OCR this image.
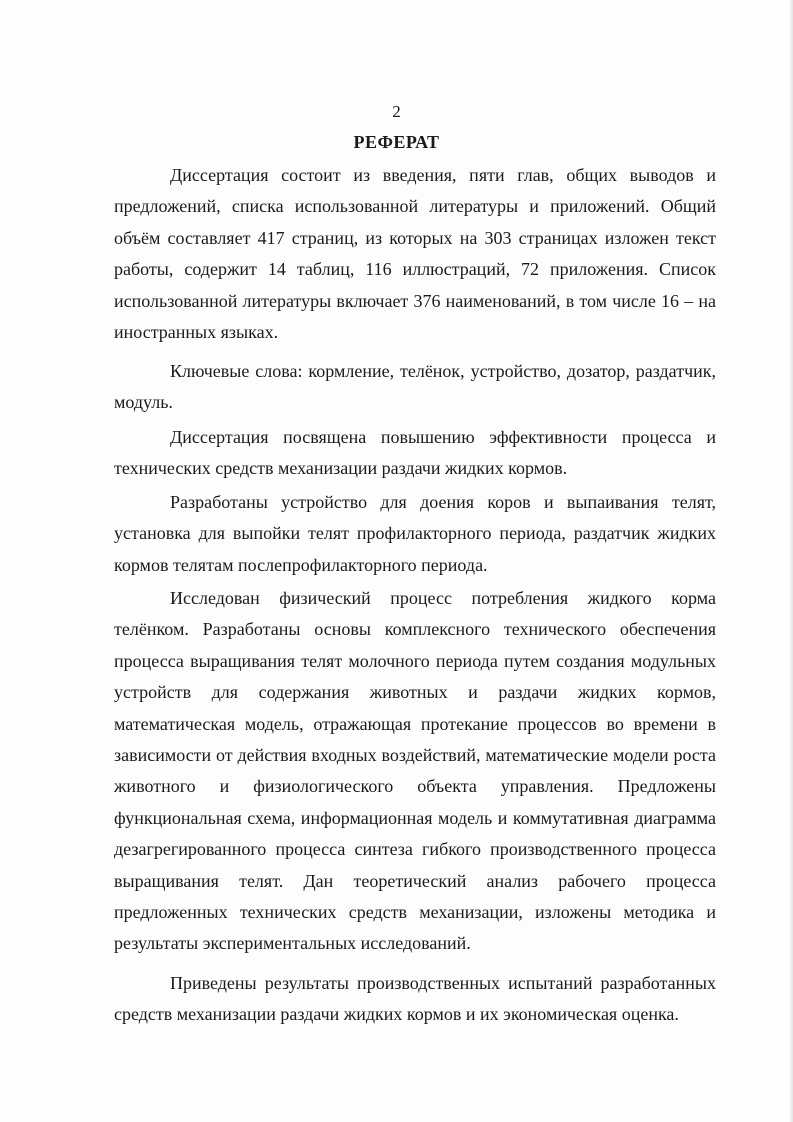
2
РЕФЕРАТ

Диссертация состоит из введения, пяти глав, общих выводов и предложений, списка использованной литературы и приложений. Общий объём составляет 417 страниц, из которых на 303 страницах изложен текст работы, содержит 14 таблиц, 116 иллюстраций, 72 приложения. Список использованной литературы включает 376 наименований, в том числе 16 – на иностранных языках.

Ключевые слова: кормление, телёнок, устройство, дозатор, раздатчик, модуль.

Диссертация посвящена повышению эффективности процесса и технических средств механизации раздачи жидких кормов.

Разработаны устройство для доения коров и выпаивания телят, установка для выпойки телят профилакторного периода, раздатчик жидких кормов телятам послепрофилакторного периода.

Исследован физический процесс потребления жидкого корма телёнком. Разработаны основы комплексного технического обеспечения процесса выращивания телят молочного периода путем создания модульных устройств для содержания животных и раздачи жидких кормов, математическая модель, отражающая протекание процессов во времени в зависимости от действия входных воздействий, математические модели роста животного и физиологического объекта управления. Предложены функциональная схема, информационная модель и коммутативная диаграмма дезагрегированного процесса синтеза гибкого производственного процесса выращивания телят. Дан теоретический анализ рабочего процесса предложенных технических средств механизации, изложены методика и результаты экспериментальных исследований.

Приведены результаты производственных испытаний разработанных средств механизации раздачи жидких кормов и их экономическая оценка.
